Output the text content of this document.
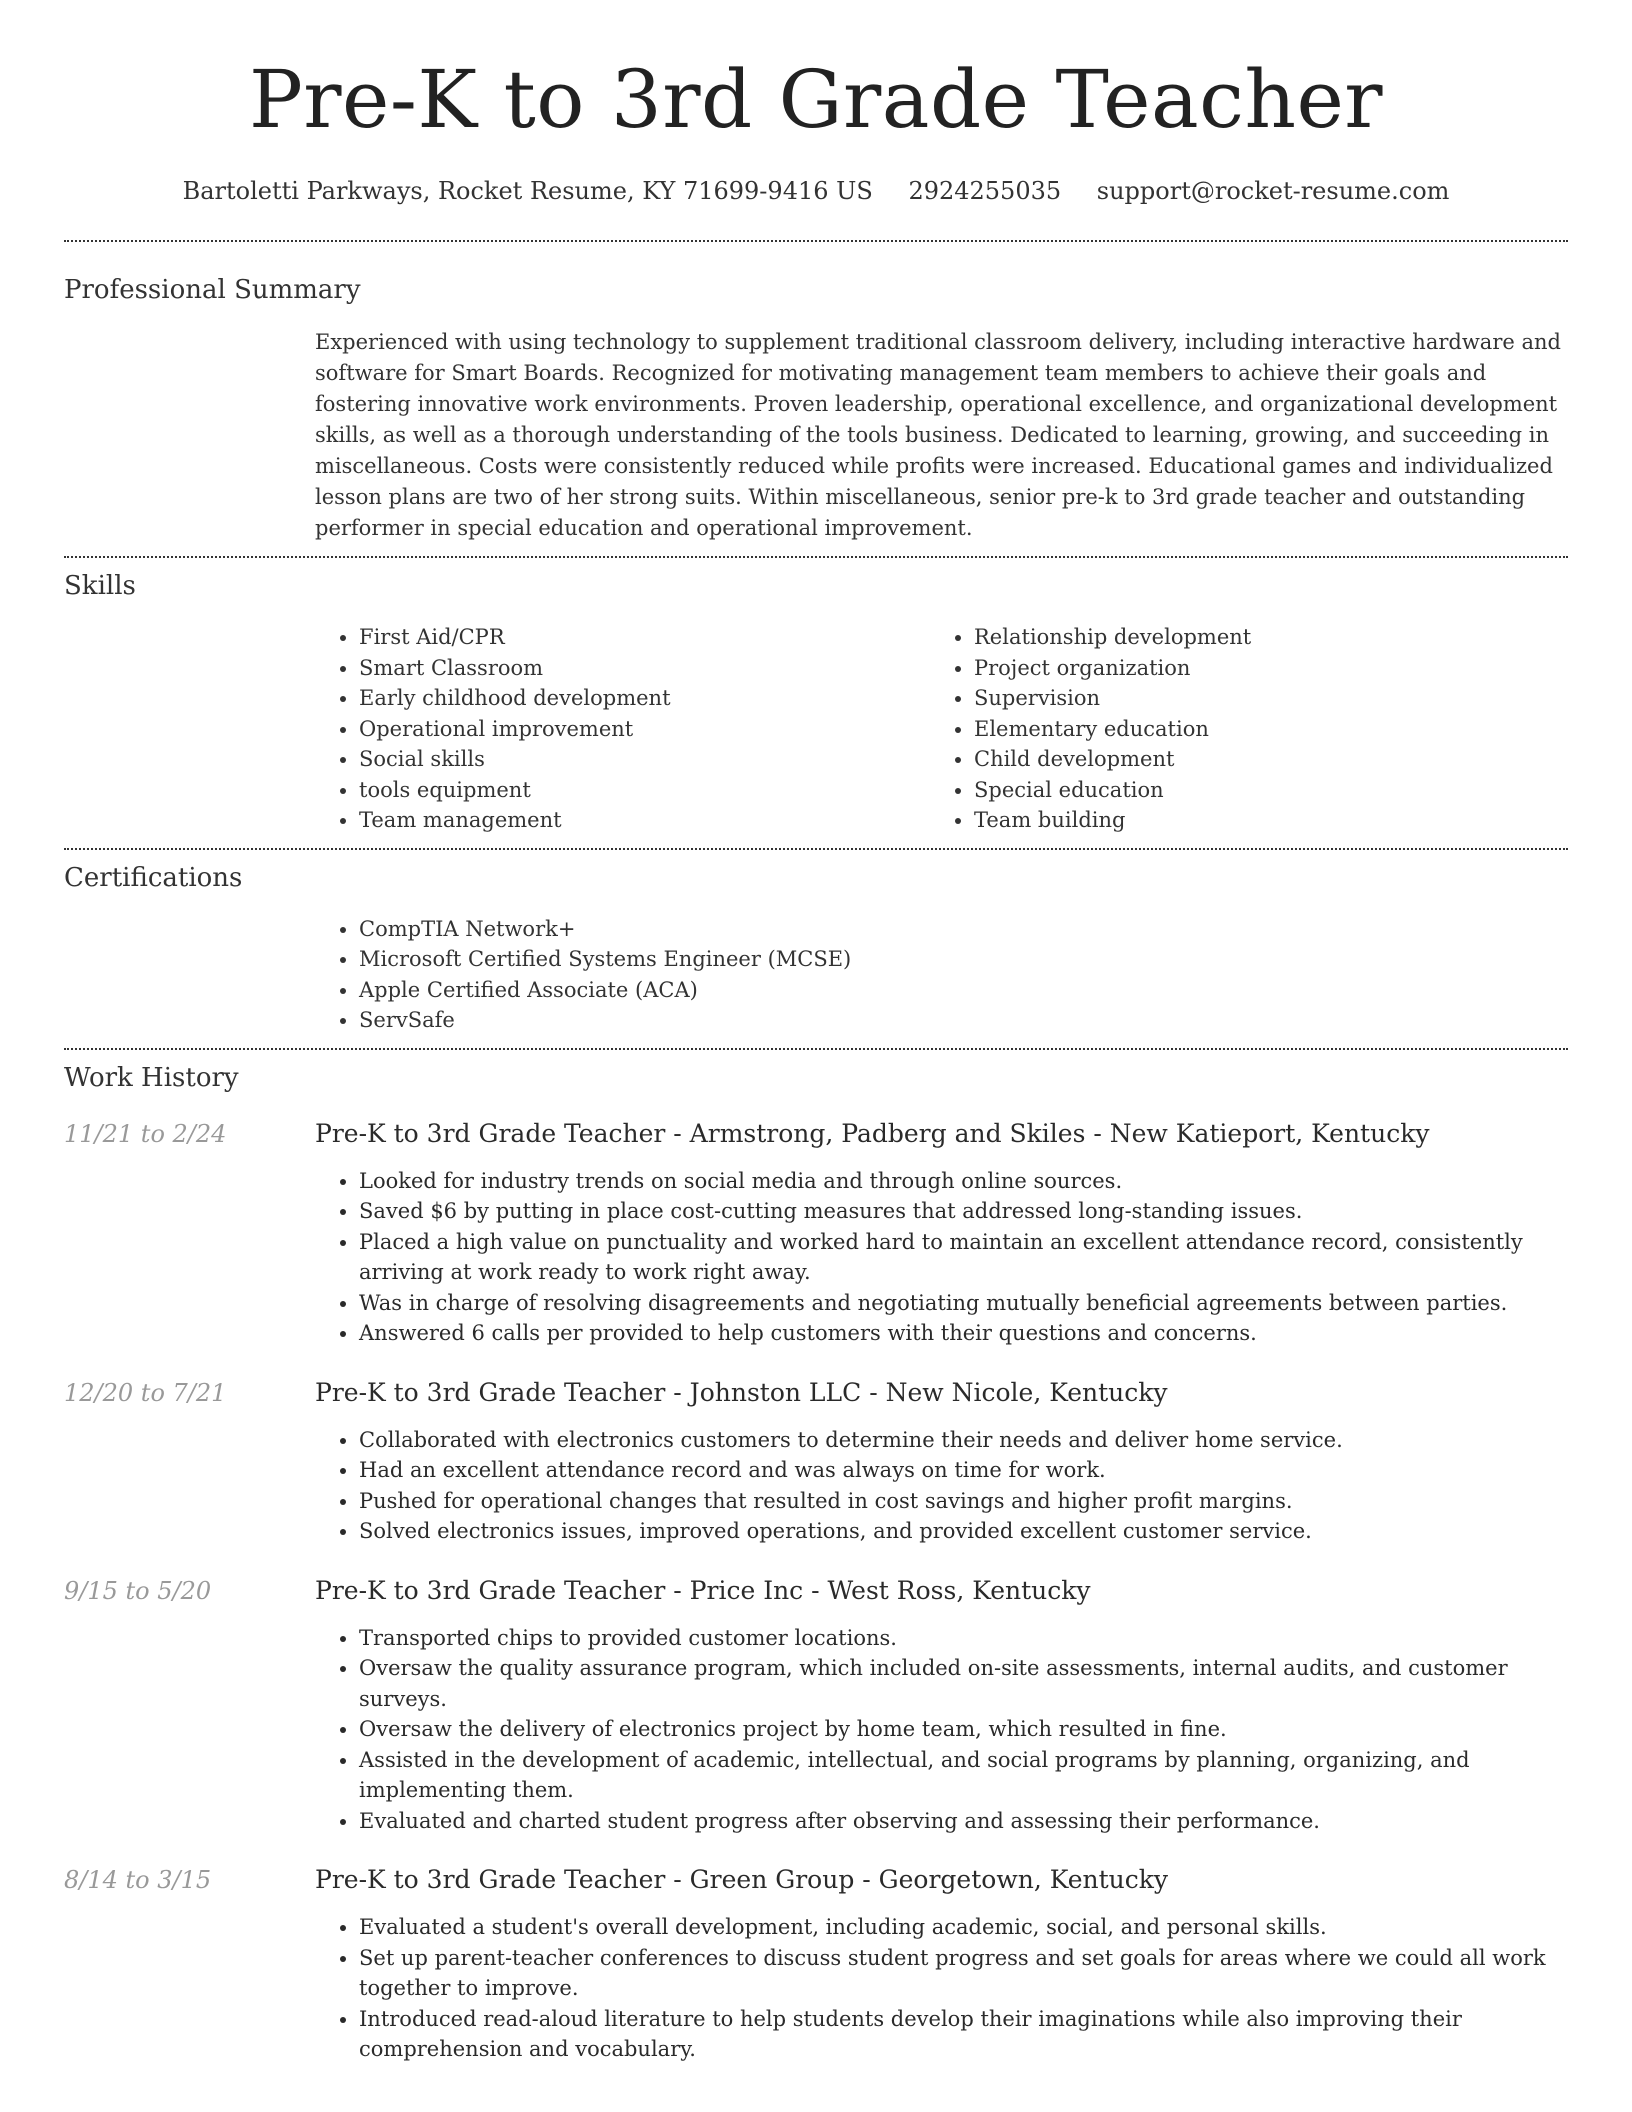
Pre-K to 3rd Grade Teacher
Bartoletti Parkways, Rocket Resume, KY 71699-9416 US 2924255035 support@rocket-resume.com
Professional Summary

Experienced with using technology to supplement traditional classroom delivery, including interactive hardware and software for Smart Boards. Recognized for motivating management team members to achieve their goals and fostering innovative work environments. Proven leadership, operational excellence, and organizational development skills, as well as a thorough understanding of the tools business. Dedicated to learning, growing, and succeeding in miscellaneous. Costs were consistently reduced while profits were increased. Educational games and individualized lesson plans are two of her strong suits. Within miscellaneous, senior pre-k to 3rd grade teacher and outstanding performer in special education and operational improvement.

Skills
• First Aid/CPR
• Smart Classroom
• Early childhood development
• Operational improvement
• Social skills
• tools equipment
• Team management
• Relationship development
• Project organization
• Supervision
• Elementary education
• Child development
• Special education
• Team building
Certifications
• CompTIA Network+
• Microsoft Certified Systems Engineer (MCSE)
• Apple Certified Associate (ACA)
• ServSafe
Work History
11/21 to 2/24	Pre-K to 3rd Grade Teacher - Armstrong, Padberg and Skiles - New Katieport, Kentucky
• Looked for industry trends on social media and through online sources.
• Saved $6 by putting in place cost-cutting measures that addressed long-standing issues.
• Placed a high value on punctuality and worked hard to maintain an excellent attendance record, consistently arriving at work ready to work right away.
• Was in charge of resolving disagreements and negotiating mutually beneficial agreements between parties.
• Answered 6 calls per provided to help customers with their questions and concerns.
12/20 to 7/21	Pre-K to 3rd Grade Teacher - Johnston LLC - New Nicole, Kentucky
• Collaborated with electronics customers to determine their needs and deliver home service.
• Had an excellent attendance record and was always on time for work.
• Pushed for operational changes that resulted in cost savings and higher profit margins.
• Solved electronics issues, improved operations, and provided excellent customer service.
9/15 to 5/20	Pre-K to 3rd Grade Teacher - Price Inc - West Ross, Kentucky
• Transported chips to provided customer locations.
• Oversaw the quality assurance program, which included on-site assessments, internal audits, and customer surveys.
• Oversaw the delivery of electronics project by home team, which resulted in fine.
• Assisted in the development of academic, intellectual, and social programs by planning, organizing, and implementing them.
• Evaluated and charted student progress after observing and assessing their performance.
8/14 to 3/15	Pre-K to 3rd Grade Teacher - Green Group - Georgetown, Kentucky
• Evaluated a student's overall development, including academic, social, and personal skills.
• Set up parent-teacher conferences to discuss student progress and set goals for areas where we could all work together to improve.
• Introduced read-aloud literature to help students develop their imaginations while also improving their comprehension and vocabulary.
